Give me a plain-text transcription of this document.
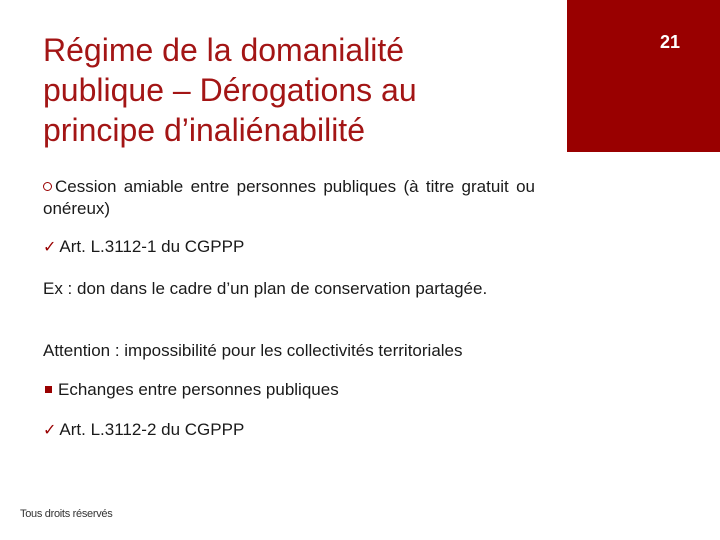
Régime de la domanialité publique – Dérogations au principe d’inaliénabilité
21
Cession amiable entre personnes publiques (à titre gratuit ou onéreux)
✓ Art. L.3112-1 du CGPPP
Ex : don dans le cadre d’un plan de conservation partagée.
Attention : impossibilité pour les collectivités territoriales
Echanges entre personnes publiques
✓ Art. L.3112-2 du CGPPP
Tous droits réservés
